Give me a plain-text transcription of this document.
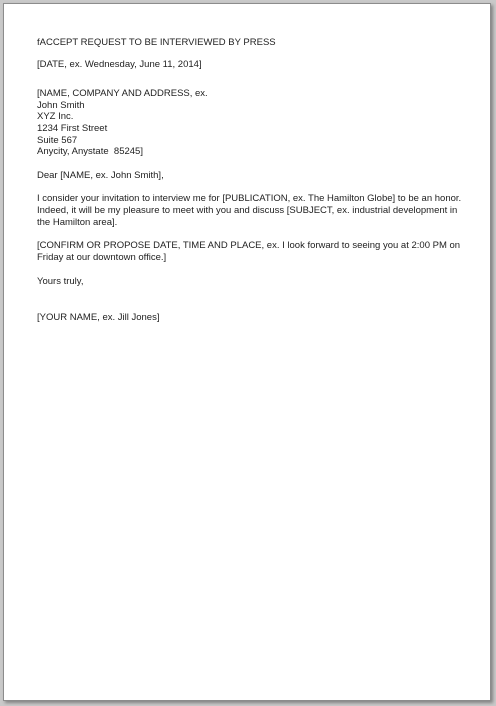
fACCEPT REQUEST TO BE INTERVIEWED BY PRESS
[DATE, ex. Wednesday, June 11, 2014]
[NAME, COMPANY AND ADDRESS, ex.
John Smith
XYZ Inc.
1234 First Street
Suite 567
Anycity, Anystate  85245]
Dear [NAME, ex. John Smith],
I consider your invitation to interview me for [PUBLICATION, ex. The Hamilton Globe] to be an honor. Indeed, it will be my pleasure to meet with you and discuss [SUBJECT, ex. industrial development in the Hamilton area].
[CONFIRM OR PROPOSE DATE, TIME AND PLACE, ex. I look forward to seeing you at 2:00 PM on Friday at our downtown office.]
Yours truly,
[YOUR NAME, ex. Jill Jones]
